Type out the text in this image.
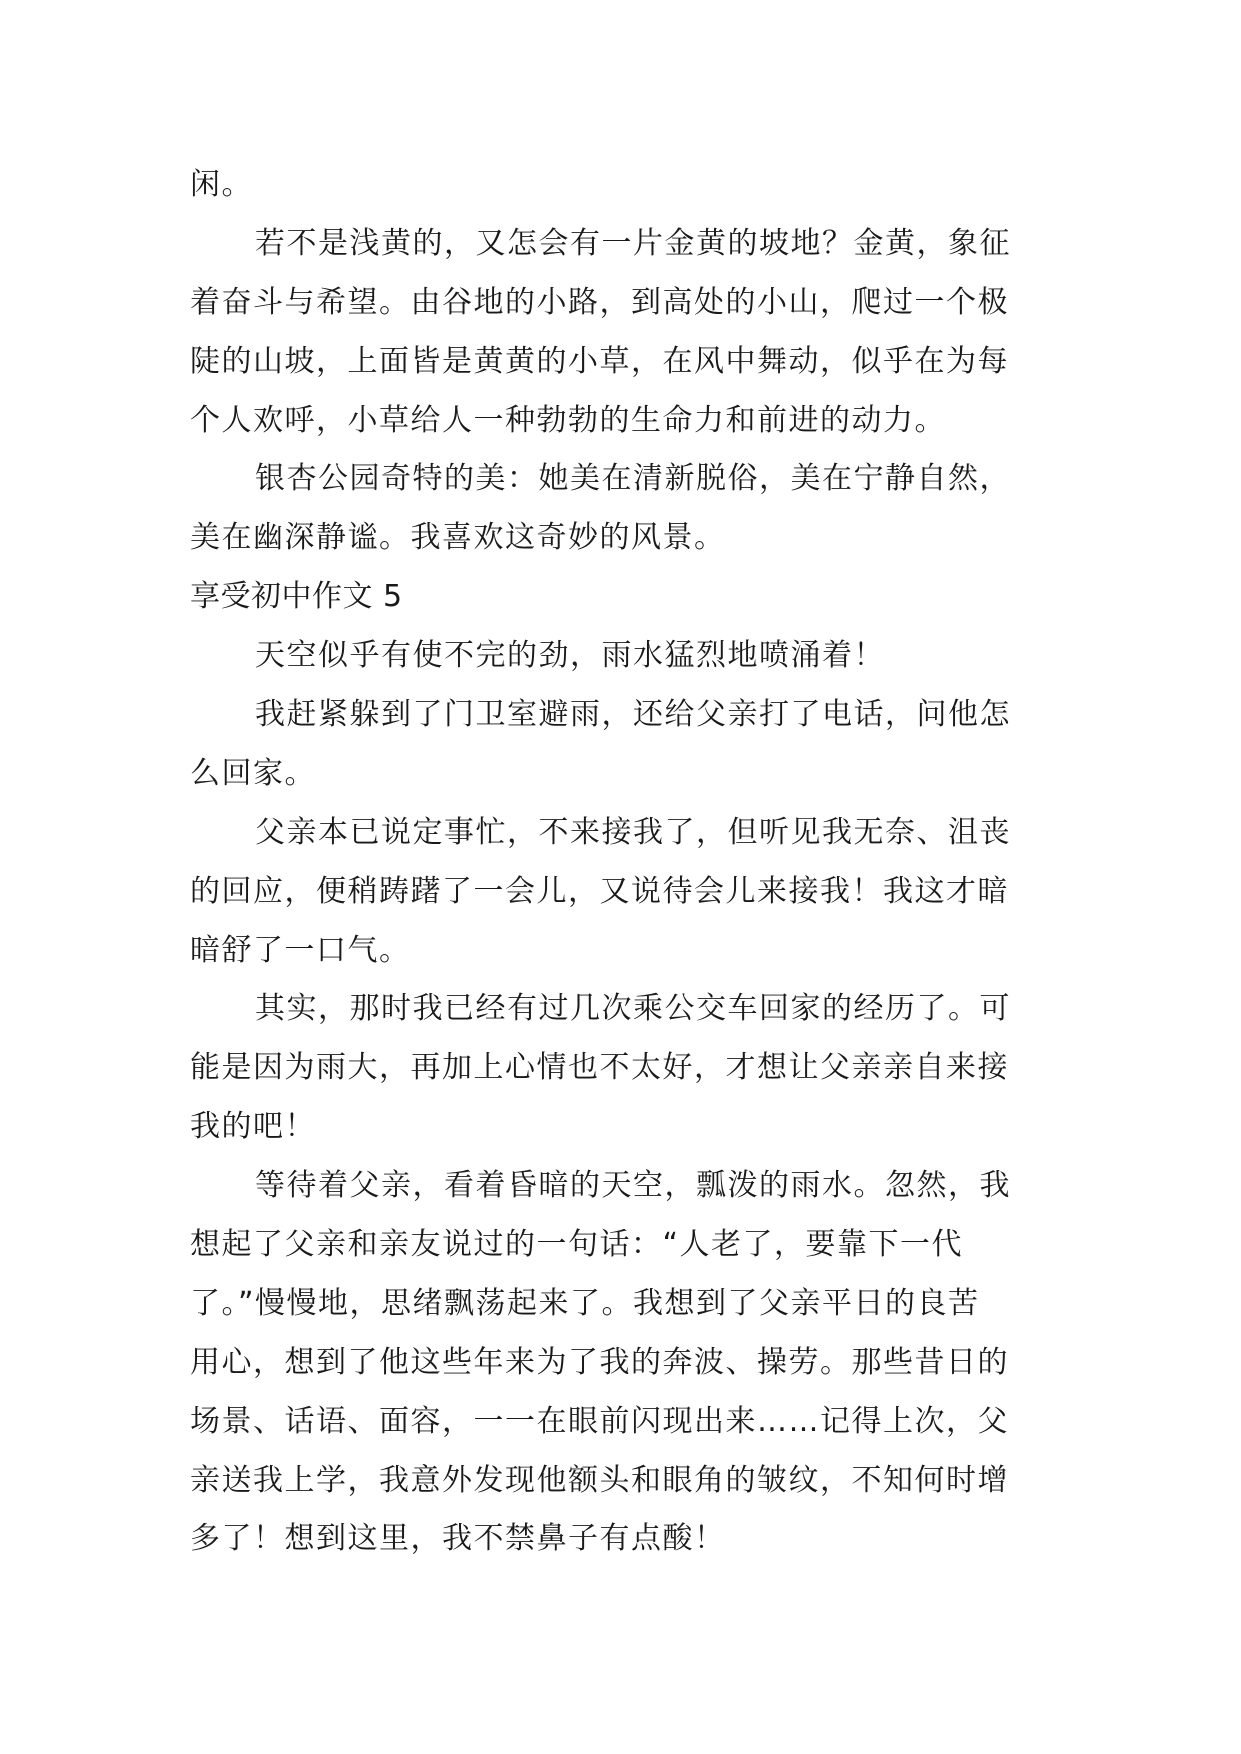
闲。
若不是浅黄的，又怎会有一片金黄的坡地？金黄，象征
着奋斗与希望。由谷地的小路，到高处的小山，爬过一个极
陡的山坡，上面皆是黄黄的小草，在风中舞动，似乎在为每
个人欢呼，小草给人一种勃勃的生命力和前进的动力。
银杏公园奇特的美：她美在清新脱俗，美在宁静自然，
美在幽深静谧。我喜欢这奇妙的风景。
享受初中作文 5
天空似乎有使不完的劲，雨水猛烈地喷涌着！
我赶紧躲到了门卫室避雨，还给父亲打了电话，问他怎
么回家。
父亲本已说定事忙，不来接我了，但听见我无奈、沮丧
的回应，便稍踌躇了一会儿，又说待会儿来接我！我这才暗
暗舒了一口气。
其实，那时我已经有过几次乘公交车回家的经历了。可
能是因为雨大，再加上心情也不太好，才想让父亲亲自来接
我的吧！
等待着父亲，看着昏暗的天空，瓢泼的雨水。忽然，我
想起了父亲和亲友说过的一句话：“人老了，要靠下一代
了。”慢慢地，思绪飘荡起来了。我想到了父亲平日的良苦
用心，想到了他这些年来为了我的奔波、操劳。那些昔日的
场景、话语、面容，一一在眼前闪现出来……记得上次，父
亲送我上学，我意外发现他额头和眼角的皱纹，不知何时增
多了！想到这里，我不禁鼻子有点酸！
